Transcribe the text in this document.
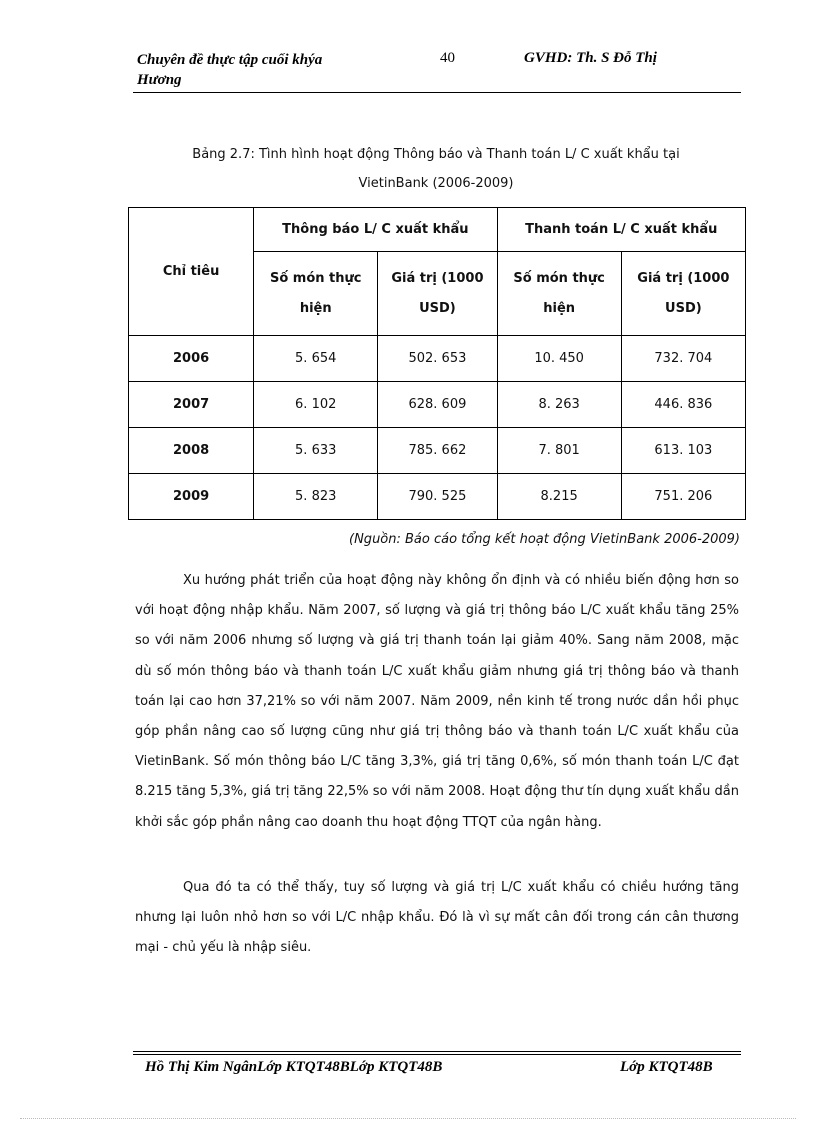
Chuyên đề thực tập cuối khýa
Hương
40	GVHD: Th. S Đỗ Thị
Bảng 2.7: Tình hình hoạt động Thông báo và Thanh toán L/ C xuất khẩu tại
VietinBank (2006-2009)
Chỉ tiêu	Thông báo L/ C xuất khẩu		Thanh toán L/ C xuất khẩu	
	Số món thực hiện	Giá trị (1000 USD)	Số món thực hiện	Giá trị (1000 USD)
2006	5. 654	502. 653	10. 450	732. 704
2007	6. 102	628. 609	8. 263	446. 836
2008	5. 633	785. 662	7. 801	613. 103
2009	5. 823	790. 525	8.215	751. 206
(Nguồn: Báo cáo tổng kết hoạt động VietinBank 2006-2009)

Xu hướng phát triển của hoạt động này không ổn định và có nhiều biến động hơn so với hoạt động nhập khẩu. Năm 2007, số lượng và giá trị thông báo L/C xuất khẩu tăng 25% so với năm 2006 nhưng số lượng và giá trị thanh toán lại giảm 40%. Sang năm 2008, mặc dù số món thông báo và thanh toán L/C xuất khẩu giảm nhưng giá trị thông báo và thanh toán lại cao hơn 37,21% so với năm 2007. Năm 2009, nền kinh tế trong nước dần hồi phục góp phần nâng cao số lượng cũng như giá trị thông báo và thanh toán L/C xuất khẩu của VietinBank. Số món thông báo L/C tăng 3,3%, giá trị tăng 0,6%, số món thanh toán L/C đạt 8.215 tăng 5,3%, giá trị tăng 22,5% so với năm 2008. Hoạt động thư tín dụng xuất khẩu dần khởi sắc góp phần nâng cao doanh thu hoạt động TTQT của ngân hàng.

Qua đó ta có thể thấy, tuy số lượng và giá trị L/C xuất khẩu có chiều hướng tăng nhưng lại luôn nhỏ hơn so với L/C nhập khẩu. Đó là vì sự mất cân đối trong cán cân thương mại - chủ yếu là nhập siêu.

Hồ Thị Kim NgânLớp KTQT48BLớp KTQT48B	Lớp KTQT48B
